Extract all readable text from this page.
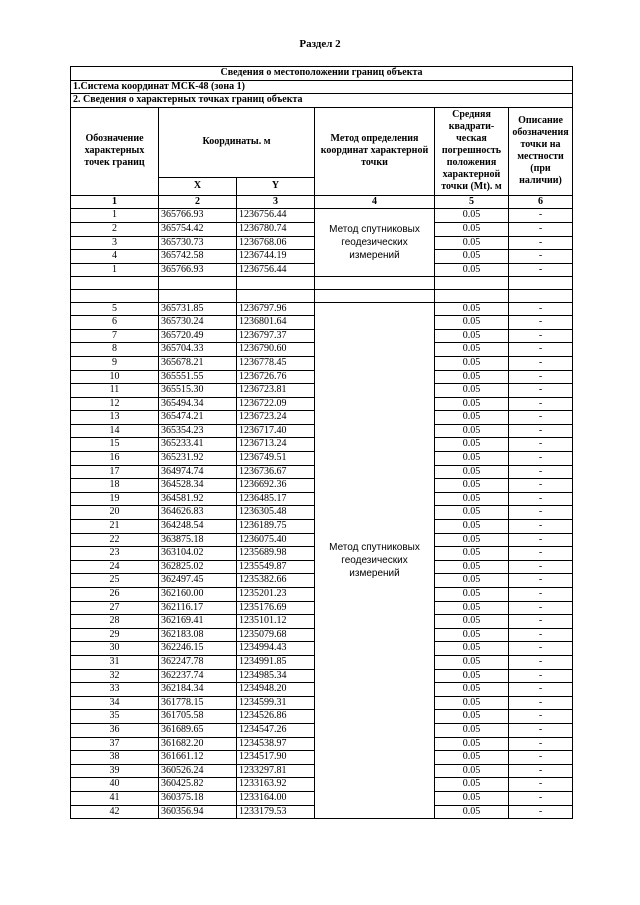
Раздел 2
Сведения о местоположении границ объекта					
1.Система координат МСК-48 (зона 1)					
2. Сведения о характерных точках границ объекта					
Обозначение характерных точек границ	Координаты. м		Метод определения координат характерной точки	Средняя квадрати-ческая погрешность положения характерной точки (Mt). м	Описание обозначения точки на местности (при наличии)
	X	Y			
1	2	3	4	5	6
1	365766.93	1236756.44	Метод спутниковых геодезических измерений	0.05	-
2	365754.42	1236780.74		0.05	-
3	365730.73	1236768.06		0.05	-
4	365742.58	1236744.19		0.05	-
1	365766.93	1236756.44		0.05	-

5	365731.85	1236797.96	Метод спутниковых геодезических измерений	0.05	-
6	365730.24	1236801.64		0.05	-
7	365720.49	1236797.37		0.05	-
8	365704.33	1236790.60		0.05	-
9	365678.21	1236778.45		0.05	-
10	365551.55	1236726.76		0.05	-
11	365515.30	1236723.81		0.05	-
12	365494.34	1236722.09		0.05	-
13	365474.21	1236723.24		0.05	-
14	365354.23	1236717.40		0.05	-
15	365233.41	1236713.24		0.05	-
16	365231.92	1236749.51		0.05	-
17	364974.74	1236736.67		0.05	-
18	364528.34	1236692.36		0.05	-
19	364581.92	1236485.17		0.05	-
20	364626.83	1236305.48		0.05	-
21	364248.54	1236189.75		0.05	-
22	363875.18	1236075.40		0.05	-
23	363104.02	1235689.98		0.05	-
24	362825.02	1235549.87		0.05	-
25	362497.45	1235382.66		0.05	-
26	362160.00	1235201.23		0.05	-
27	362116.17	1235176.69		0.05	-
28	362169.41	1235101.12		0.05	-
29	362183.08	1235079.68		0.05	-
30	362246.15	1234994.43		0.05	-
31	362247.78	1234991.85		0.05	-
32	362237.74	1234985.34		0.05	-
33	362184.34	1234948.20		0.05	-
34	361778.15	1234599.31		0.05	-
35	361705.58	1234526.86		0.05	-
36	361689.65	1234547.26		0.05	-
37	361682.20	1234538.97		0.05	-
38	361661.12	1234517.90		0.05	-
39	360526.24	1233297.81		0.05	-
40	360425.82	1233163.92		0.05	-
41	360375.18	1233164.00		0.05	-
42	360356.94	1233179.53		0.05	-
